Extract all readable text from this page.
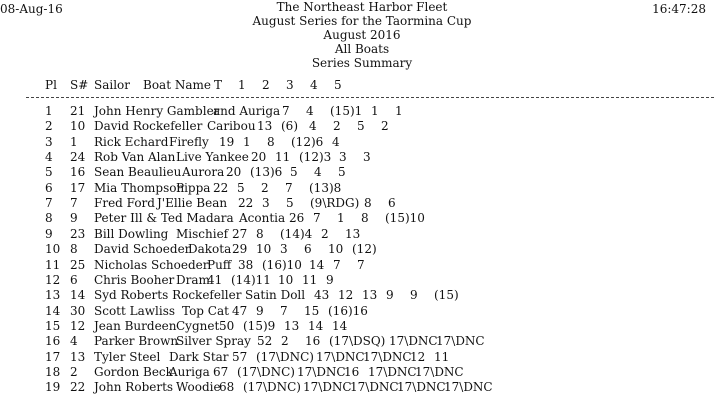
08-Aug-16	16:47:28
The Northeast Harbor Fleet
August Series for the Taormina Cup
August 2016
All Boats
Series Summary
Pl S# Sailor Boat Name T 1 2 3 4 5
1 21 John Henry Gambler
and Auriga 7 4 (15)1 1 1
2 10 David Rockefeller Caribou 13 (6) 4 2 5 2
3 1 Rick Echard Firefly 19 1 8 (12)6 4
4 24 Rob Van Alan Live Yankee 20 11 (12)3 3 3
5 16 Sean Beaulieu Aurora 20 (13)6 5 4 5
6 17 Mia Thompson
Pippa 22 5 2 7 (13)8
7 7 Fred Ford J'Ellie Bean 22 3 5 (9\RDG) 8 6
8 9 Peter Ill & Ted Madara Acontia 26 7 1 8 (15)10
9 23 Bill Dowling Mischief 27 8 (14)4 2 13
10 8 David Schoeder
Dakota 29 10 3 6 10 (12)
11 25 Nicholas Schoeder
Puff 38 (16)10 14 7 7
12 6 Chris Booher Dram
41 (14)11 10 11 9
13 14 Syd Roberts Rockefeller Satin Doll 43 12 13 9 9 (15)
14 30 Scott Lawliss Top Cat 47 9 7 15 (16)16
15 12 Jean Burdeen Cygnet 50 (15)9 13 14 14
16 4 Parker Brown
Silver Spray 52 2 16 (17\DSQ) 17\DNC
17\DNC
17 13 Tyler Steel Dark Star 57 (17\DNC) 17\DNC
17\DNC
12 11
18 2 Gordon Beck
Auriga 67 (17\DNC) 17\DNC
16 17\DNC
17\DNC
19 22 John Roberts Woodie
68 (17\DNC) 17\DNC
17\DNC
17\DNC
17\DNC
